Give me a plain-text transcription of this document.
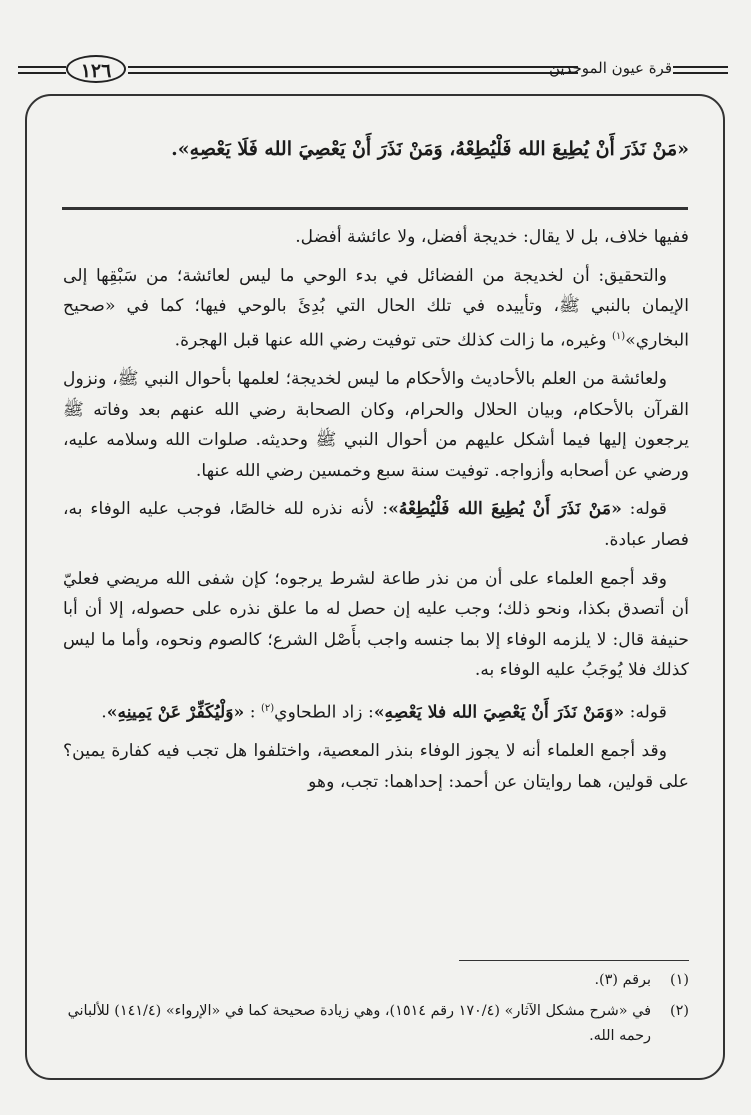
١٢٦	قرة عيون الموحدين
«مَنْ نَذَرَ أَنْ يُطِيعَ الله فَلْيُطِعْهُ، وَمَنْ نَذَرَ أَنْ يَعْصِيَ الله فَلَا يَعْصِهِ».

ففيها خلاف، بل لا يقال: خديجة أفضل، ولا عائشة أفضل.

والتحقيق: أن لخديجة من الفضائل في بدء الوحي ما ليس لعائشة؛ من سَبْقِها إلى الإيمان بالنبي ﷺ، وتأييده في تلك الحال التي بُدِئَ بالوحي فيها؛ كما في «صحيح البخاري»$^{(١)}$ وغيره، ما زالت كذلك حتى توفيت رضي الله عنها قبل الهجرة.

ولعائشة من العلم بالأحاديث والأحكام ما ليس لخديجة؛ لعلمها بأحوال النبي ﷺ، ونزول القرآن بالأحكام، وبيان الحلال والحرام، وكان الصحابة رضي الله عنهم بعد وفاته ﷺ يرجعون إليها فيما أشكل عليهم من أحوال النبي ﷺ وحديثه. صلوات الله وسلامه عليه، ورضي عن أصحابه وأزواجه. توفيت سنة سبع وخمسين رضي الله عنها.

قوله: «مَنْ نَذَرَ أَنْ يُطِيعَ الله فَلْيُطِعْهُ»: لأنه نذره لله خالصًا، فوجب عليه الوفاء به، فصار عبادة.

وقد أجمع العلماء على أن من نذر طاعة لشرط يرجوه؛ كإن شفى الله مريضي فعليّ أن أتصدق بكذا، ونحو ذلك؛ وجب عليه إن حصل له ما علق نذره على حصوله، إلا أن أبا حنيفة قال: لا يلزمه الوفاء إلا بما جنسه واجب بأَصْل الشرع؛ كالصوم ونحوه، وأما ما ليس كذلك فلا يُوجَبُ عليه الوفاء به.

قوله: «وَمَنْ نَذَرَ أَنْ يَعْصِيَ الله فلا يَعْصِهِ»: زاد الطحاوي$^{(٢)}$ : «وَلْيُكَفِّرْ عَنْ يَمِينِهِ».

وقد أجمع العلماء أنه لا يجوز الوفاء بنذر المعصية، واختلفوا هل تجب فيه كفارة يمين؟ على قولين، هما روايتان عن أحمد: إحداهما: تجب، وهو

(١)
برقم (٣).
(٢)
في «شرح مشكل الآثار» (١٧٠/٤ رقم ١٥١٤)، وهي زيادة صحيحة كما في «الإرواء» (١٤١/٤) للألباني رحمه الله.
